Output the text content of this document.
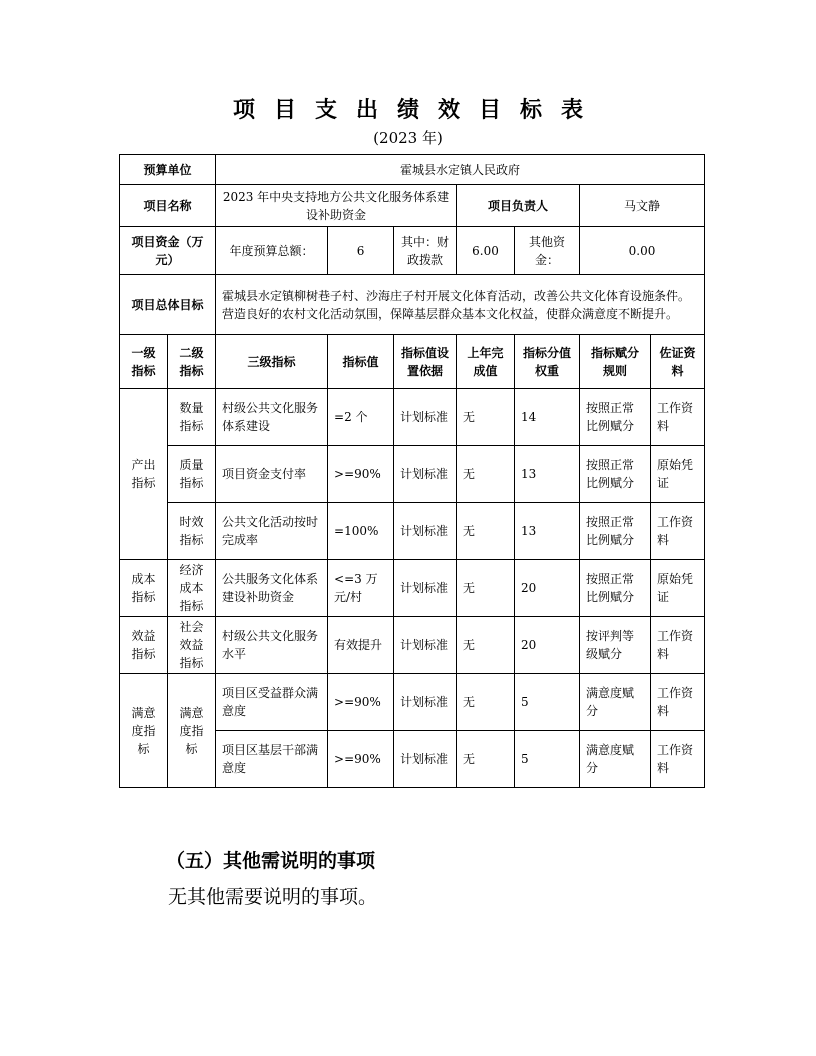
项目支出绩效目标表
(2023 年)
预算单位		霍城县水定镇人民政府						
项目名称		2023 年中央支持地方公共文化服务体系建设补助资金			项目负责人		马文静	
项目资金（万元）		年度预算总额：	6	其中：财政拨款	6.00	其他资金：	0.00	
项目总体目标		霍城县水定镇柳树巷子村、沙海庄子村开展文化体育活动，改善公共文化体育设施条件。营造良好的农村文化活动氛围，保障基层群众基本文化权益，使群众满意度不断提升。						
一级指标	二级指标	三级指标	指标值	指标值设置依据	上年完成值	指标分值权重	指标赋分规则	佐证资料
产出指标	数量指标	村级公共文化服务体系建设	=2 个	计划标准	无	14	按照正常比例赋分	工作资料
	质量指标	项目资金支付率	>=90%	计划标准	无	13	按照正常比例赋分	原始凭证
	时效指标	公共文化活动按时完成率	=100%	计划标准	无	13	按照正常比例赋分	工作资料
成本指标	经济成本指标	公共服务文化体系建设补助资金	<=3 万元/村	计划标准	无	20	按照正常比例赋分	原始凭证
效益指标	社会效益指标	村级公共文化服务水平	有效提升	计划标准	无	20	按评判等级赋分	工作资料
满意度指标	满意度指标	项目区受益群众满意度	>=90%	计划标准	无	5	满意度赋分	工作资料
		项目区基层干部满意度	>=90%	计划标准	无	5	满意度赋分	工作资料
（五）其他需说明的事项
无其他需要说明的事项。
